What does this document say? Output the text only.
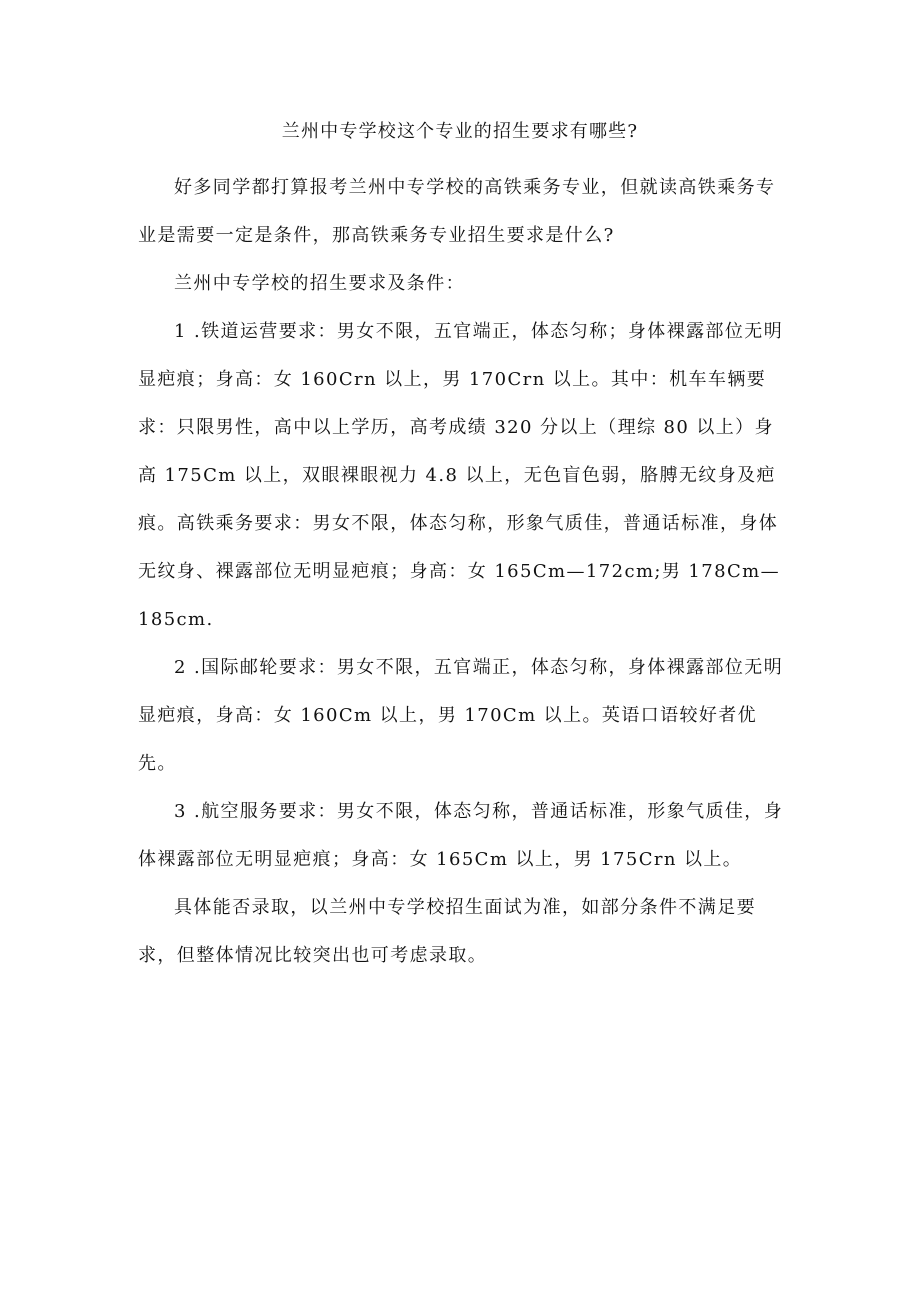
兰州中专学校这个专业的招生要求有哪些?

好多同学都打算报考兰州中专学校的高铁乘务专业，但就读高铁乘务专业是需要一定是条件，那高铁乘务专业招生要求是什么?

兰州中专学校的招生要求及条件：

1 .铁道运营要求：男女不限，五官端正，体态匀称；身体裸露部位无明显疤痕；身高：女 160Crn 以上，男 170Crn 以上。其中：机车车辆要求：只限男性，高中以上学历，高考成绩 320 分以上（理综 80 以上）身高 175Cm 以上，双眼裸眼视力 4.8 以上，无色盲色弱，胳膊无纹身及疤痕。高铁乘务要求：男女不限，体态匀称，形象气质佳，普通话标准，身体无纹身、裸露部位无明显疤痕；身高：女 165Cm—172cm;男 178Cm—185cm.

2 .国际邮轮要求：男女不限，五官端正，体态匀称，身体裸露部位无明显疤痕，身高：女 160Cm 以上，男 170Cm 以上。英语口语较好者优先。

3 .航空服务要求：男女不限，体态匀称，普通话标准，形象气质佳，身体裸露部位无明显疤痕；身高：女 165Cm 以上，男 175Crn 以上。

具体能否录取，以兰州中专学校招生面试为准，如部分条件不满足要求，但整体情况比较突出也可考虑录取。
